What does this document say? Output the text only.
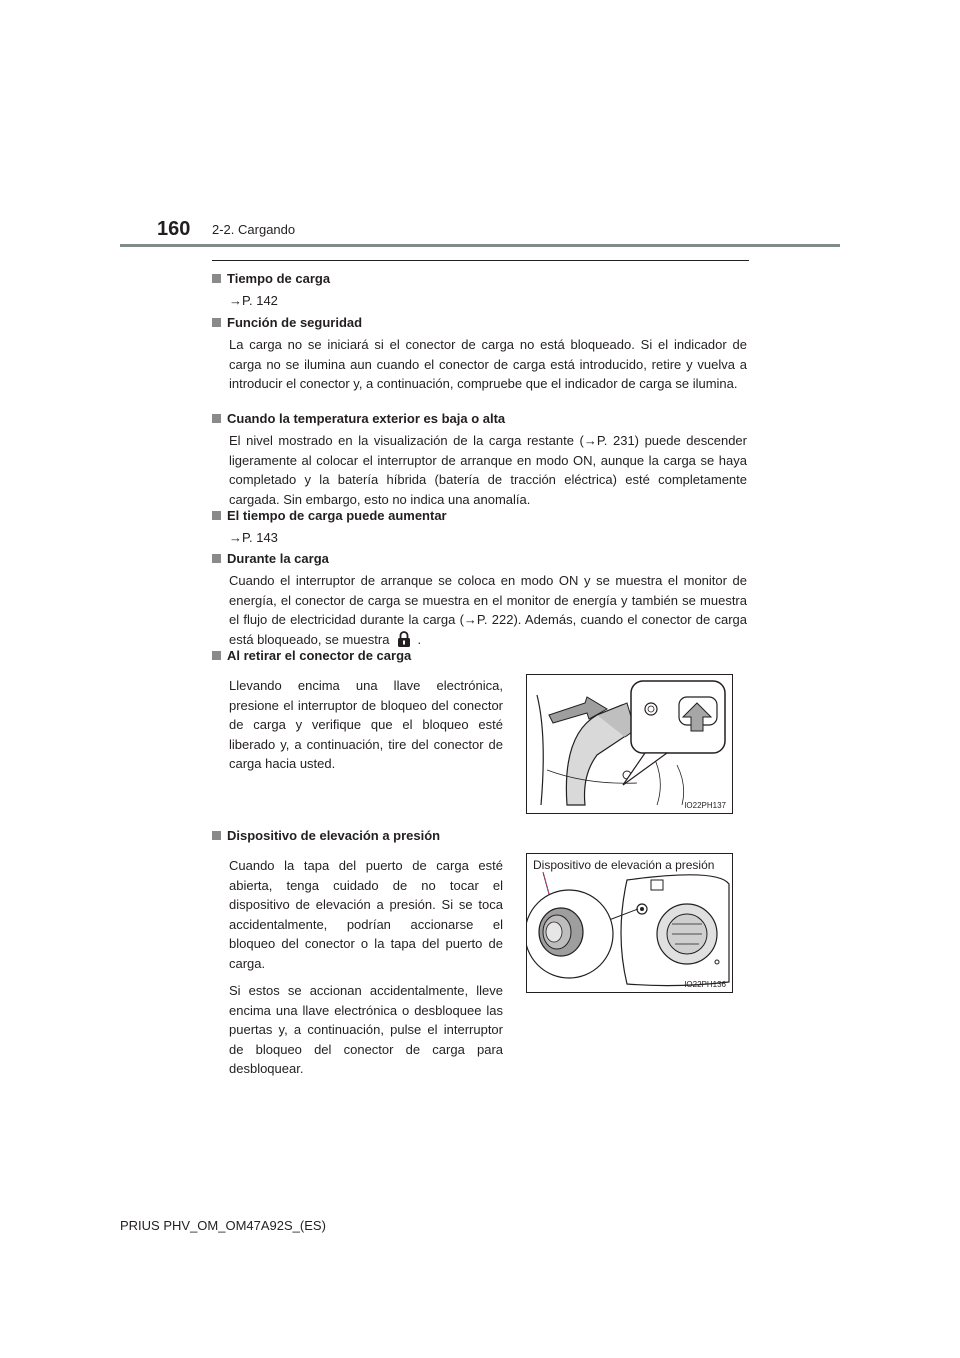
160 2-2. Cargando
Tiempo de carga
→P. 142
Función de seguridad
La carga no se iniciará si el conector de carga no está bloqueado. Si el indicador de carga no se ilumina aun cuando el conector de carga está introducido, retire y vuelva a introducir el conector y, a continuación, compruebe que el indicador de carga se ilumina.
Cuando la temperatura exterior es baja o alta
El nivel mostrado en la visualización de la carga restante (→P. 231) puede descender ligeramente al colocar el interruptor de arranque en modo ON, aunque la carga se haya completado y la batería híbrida (batería de tracción eléctrica) esté completamente cargada. Sin embargo, esto no indica una anomalía.
El tiempo de carga puede aumentar
→P. 143
Durante la carga
Cuando el interruptor de arranque se coloca en modo ON y se muestra el monitor de energía, el conector de carga se muestra en el monitor de energía y también se muestra el flujo de electricidad durante la carga (→P. 222). Además, cuando el conector de carga está bloqueado, se muestra .
Al retirar el conector de carga
Llevando encima una llave electrónica, presione el interruptor de bloqueo del conector de carga y verifique que el bloqueo esté liberado y, a continuación, tire del conector de carga hacia usted.
IO22PH137
Dispositivo de elevación a presión
Cuando la tapa del puerto de carga esté abierta, tenga cuidado de no tocar el dispositivo de elevación a presión. Si se toca accidentalmente, podrían accionarse el bloqueo del conector o la tapa del puerto de carga.
Si estos se accionan accidentalmente, lleve encima una llave electrónica o desbloquee las puertas y, a continuación, pulse el interruptor de bloqueo del conector de carga para desbloquear.
Dispositivo de elevación a presión
IO22PH136
PRIUS PHV_OM_OM47A92S_(ES)
